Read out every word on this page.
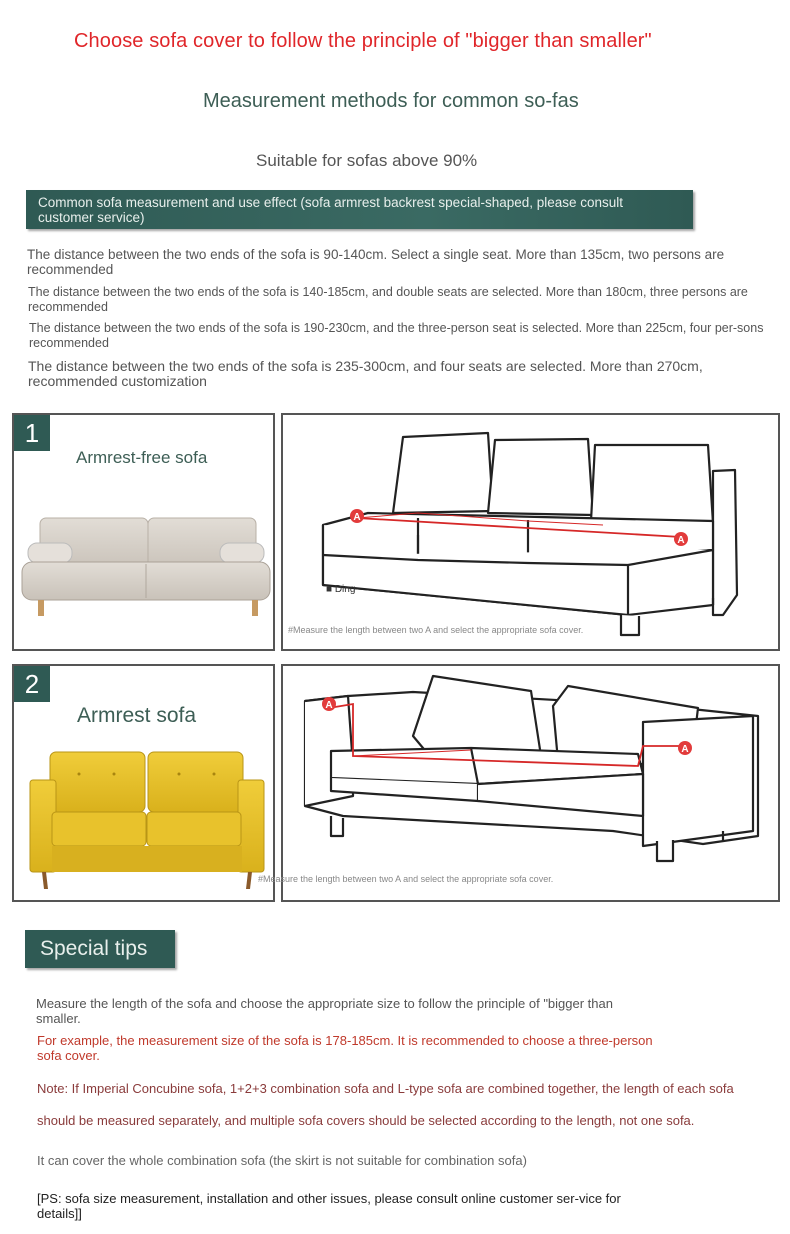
Choose sofa cover to follow the principle of "bigger than smaller"
Measurement methods for common so-fas
Suitable for sofas above 90%
Common sofa measurement and use effect (sofa armrest backrest special-shaped, please consult customer service)
The distance between the two ends of the sofa is 90-140cm. Select a single seat. More than 135cm, two persons are recommended
The distance between the two ends of the sofa is 140-185cm, and double seats are selected. More than 180cm, three persons are recommended
The distance between the two ends of the sofa is 190-230cm, and the three-person seat is selected. More than 225cm, four per-sons recommended
The distance between the two ends of the sofa is 235-300cm, and four seats are selected. More than 270cm, recommended customization
1
Armrest-free sofa
A
A
■ Ding
#Measure the length between two A and select the appropriate sofa cover.
2
Armrest sofa	A
A
#Measure the length between two A and select the appropriate sofa cover.
Special tips
Measure the length of the sofa and choose the appropriate size to follow the principle of "bigger than smaller.
For example, the measurement size of the sofa is 178-185cm. It is recommended to choose a three-person sofa cover.
Note: If Imperial Concubine sofa, 1+2+3 combination sofa and L-type sofa are combined together, the length of each sofa
should be measured separately, and multiple sofa covers should be selected according to the length, not one sofa.
It can cover the whole combination sofa (the skirt is not suitable for combination sofa)
[PS: sofa size measurement, installation and other issues, please consult online customer ser-vice for details]]
